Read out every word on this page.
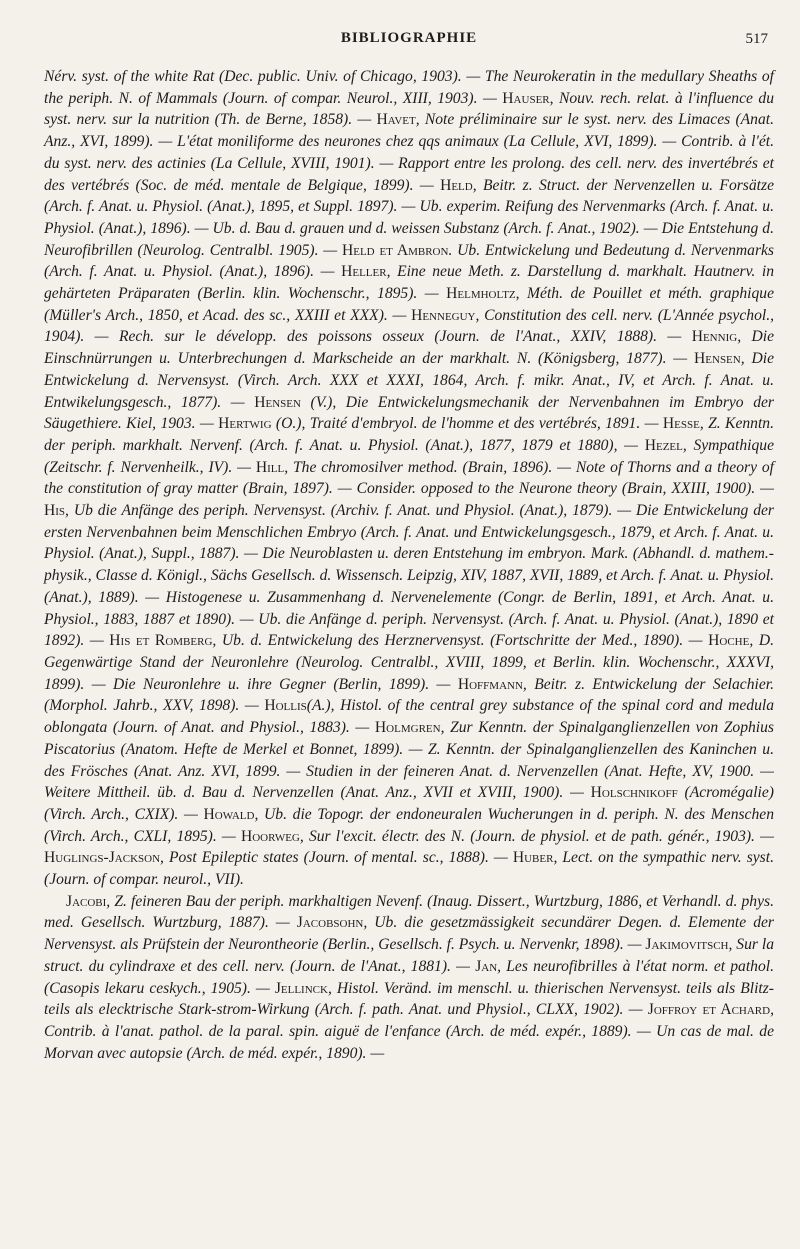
BIBLIOGRAPHIE	517

Nérv. syst. of the white Rat (Dec. public. Univ. of Chicago, 1903). — The Neurokeratin in the medullary Sheaths of the periph. N. of Mammals (Journ. of compar. Neurol., XIII, 1903). — Hauser, Nouv. rech. relat. à l'influence du syst. nerv. sur la nutrition (Th. de Berne, 1858). — Havet, Note préliminaire sur le syst. nerv. des Limaces (Anat. Anz., XVI, 1899). — L'état moniliforme des neurones chez qqs animaux (La Cellule, XVI, 1899). — Contrib. à l'ét. du syst. nerv. des actinies (La Cellule, XVIII, 1901). — Rapport entre les prolong. des cell. nerv. des invertébrés et des vertébrés (Soc. de méd. mentale de Belgique, 1899). — Held, Beitr. z. Struct. der Nervenzellen u. Forsätze (Arch. f. Anat. u. Physiol. (Anat.), 1895, et Suppl. 1897). — Ub. experim. Reifung des Nervenmarks (Arch. f. Anat. u. Physiol. (Anat.), 1896). — Ub. d. Bau d. grauen und d. weissen Substanz (Arch. f. Anat., 1902). — Die Entstehung d. Neurofibrillen (Neurolog. Centralbl. 1905). — Held et Ambron. Ub. Entwickelung und Bedeutung d. Nervenmarks (Arch. f. Anat. u. Physiol. (Anat.), 1896). — Heller, Eine neue Meth. z. Darstellung d. markhalt. Hautnerv. in gehärteten Präparaten (Berlin. klin. Wochenschr., 1895). — Helmholtz, Méth. de Pouillet et méth. graphique (Müller's Arch., 1850, et Acad. des sc., XXIII et XXX). — Henneguy, Constitution des cell. nerv. (L'Année psychol., 1904). — Rech. sur le développ. des poissons osseux (Journ. de l'Anat., XXIV, 1888). — Hennig, Die Einschnürrungen u. Unterbrechungen d. Markscheide an der markhalt. N. (Königsberg, 1877). — Hensen, Die Entwickelung d. Nervensyst. (Virch. Arch. XXX et XXXI, 1864, Arch. f. mikr. Anat., IV, et Arch. f. Anat. u. Entwikelungsgesch., 1877). — Hensen (V.), Die Entwickelungsmechanik der Nervenbahnen im Embryo der Säugethiere. Kiel, 1903. — Hertwig (O.), Traité d'embryol. de l'homme et des vertébrés, 1891. — Hesse, Z. Kenntn. der periph. markhalt. Nervenf. (Arch. f. Anat. u. Physiol. (Anat.), 1877, 1879 et 1880), — Hezel, Sympathique (Zeitschr. f. Nervenheilk., IV). — Hill, The chromosilver method. (Brain, 1896). — Note of Thorns and a theory of the constitution of gray matter (Brain, 1897). — Consider. opposed to the Neurone theory (Brain, XXIII, 1900). — His, Ub die Anfänge des periph. Nervensyst. (Archiv. f. Anat. und Physiol. (Anat.), 1879). — Die Entwickelung der ersten Nervenbahnen beim Menschlichen Embryo (Arch. f. Anat. und Entwickelungsgesch., 1879, et Arch. f. Anat. u. Physiol. (Anat.), Suppl., 1887). — Die Neuroblasten u. deren Entstehung im embryon. Mark. (Abhandl. d. mathem.-physik., Classe d. Königl., Sächs Gesellsch. d. Wissensch. Leipzig, XIV, 1887, XVII, 1889, et Arch. f. Anat. u. Physiol. (Anat.), 1889). — Histogenese u. Zusammenhang d. Nervenelemente (Congr. de Berlin, 1891, et Arch. Anat. u. Physiol., 1883, 1887 et 1890). — Ub. die Anfänge d. periph. Nervensyst. (Arch. f. Anat. u. Physiol. (Anat.), 1890 et 1892). — His et Romberg, Ub. d. Entwickelung des Herznervensyst. (Fortschritte der Med., 1890). — Hoche, D. Gegenwärtige Stand der Neuronlehre (Neurolog. Centralbl., XVIII, 1899, et Berlin. klin. Wochenschr., XXXVI, 1899). — Die Neuronlehre u. ihre Gegner (Berlin, 1899). — Hoffmann, Beitr. z. Entwickelung der Selachier. (Morphol. Jahrb., XXV, 1898). — Hollis(A.), Histol. of the central grey substance of the spinal cord and medula oblongata (Journ. of Anat. and Physiol., 1883). — Holmgren, Zur Kenntn. der Spinalganglienzellen von Zophius Piscatorius (Anatom. Hefte de Merkel et Bonnet, 1899). — Z. Kenntn. der Spinalganglienzellen des Kaninchen u. des Frösches (Anat. Anz. XVI, 1899. — Studien in der feineren Anat. d. Nervenzellen (Anat. Hefte, XV, 1900. — Weitere Mittheil. üb. d. Bau d. Nervenzellen (Anat. Anz., XVII et XVIII, 1900). — Holschnikoff (Acromégalie) (Virch. Arch., CXIX). — Howald, Ub. die Topogr. der endoneuralen Wucherungen in d. periph. N. des Menschen (Virch. Arch., CXLI, 1895). — Hoorweg, Sur l'excit. électr. des N. (Journ. de physiol. et de path. génér., 1903). — Huglings-Jackson, Post Epileptic states (Journ. of mental. sc., 1888). — Huber, Lect. on the sympathic nerv. syst. (Journ. of compar. neurol., VII).

Jacobi, Z. feineren Bau der periph. markhaltigen Nevenf. (Inaug. Dissert., Wurtzburg, 1886, et Verhandl. d. phys. med. Gesellsch. Wurtzburg, 1887). — Jacobsohn, Ub. die gesetzmässigkeit secundärer Degen. d. Elemente der Nervensyst. als Prüfstein der Neurontheorie (Berlin., Gesellsch. f. Psych. u. Nervenkr, 1898). — Jakimovitsch, Sur la struct. du cylindraxe et des cell. nerv. (Journ. de l'Anat., 1881). — Jan, Les neurofibrilles à l'état norm. et pathol. (Casopis lekaru ceskych., 1905). — Jellinck, Histol. Veränd. im menschl. u. thierischen Nervensyst. teils als Blitz-teils als elecktrische Stark-strom-Wirkung (Arch. f. path. Anat. und Physiol., CLXX, 1902). — Joffroy et Achard, Contrib. à l'anat. pathol. de la paral. spin. aiguë de l'enfance (Arch. de méd. expér., 1889). — Un cas de mal. de Morvan avec autopsie (Arch. de méd. expér., 1890). —
